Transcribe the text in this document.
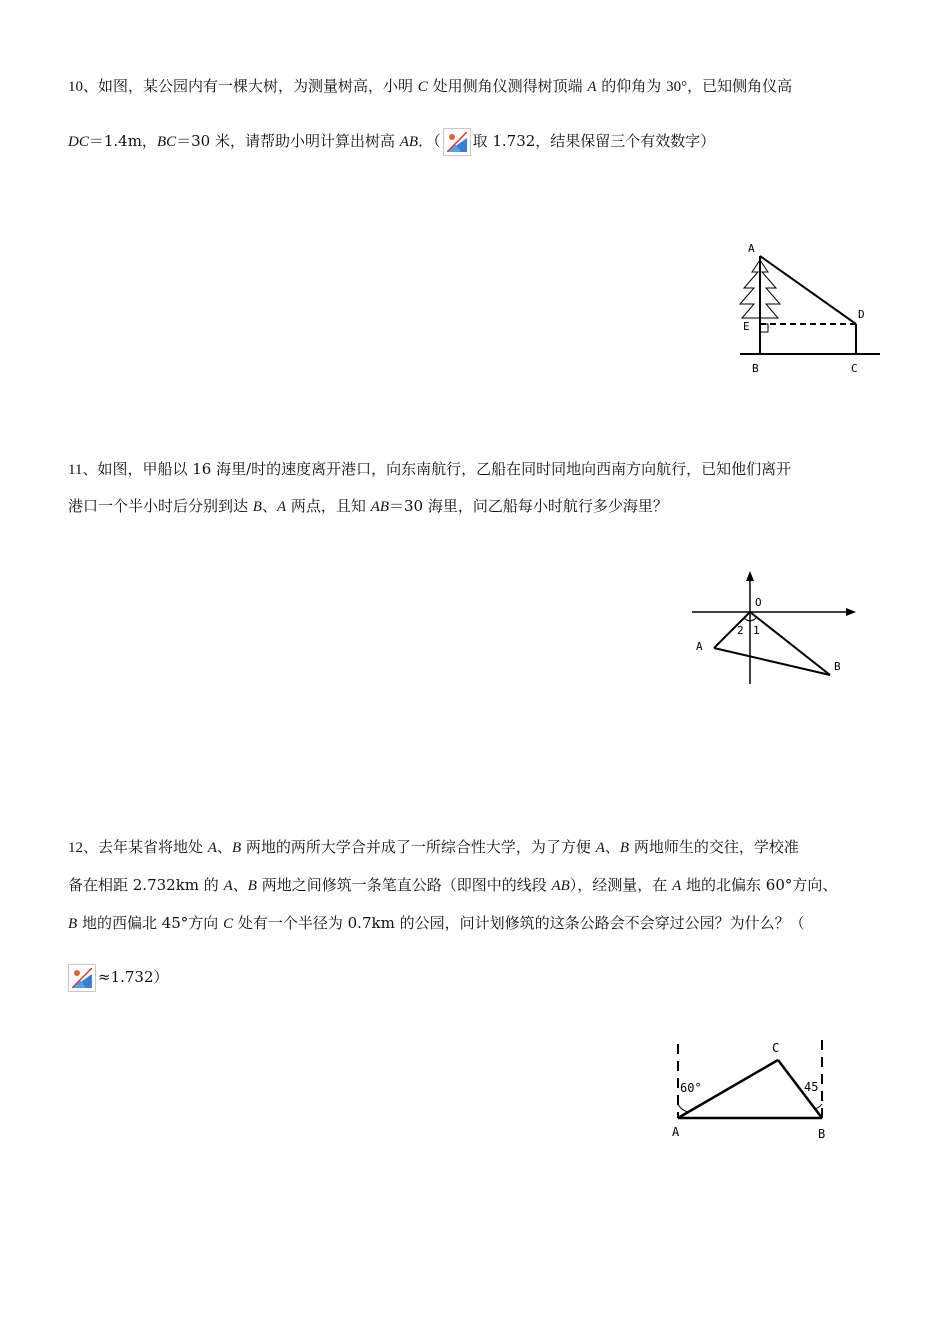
10、如图，某公园内有一棵大树，为测量树高，小明 C 处用侧角仪测得树顶端 A 的仰角为 30°，已知侧角仪高
DC＝1.4m，BC＝30 米，请帮助小明计算出树高 AB．（ 取 1.732，结果保留三个有效数字）
A
E
D
B	C
11、如图，甲船以 16 海里/时的速度离开港口，向东南航行，乙船在同时同地向西南方向航行，已知他们离开
港口一个半小时后分别到达 B、A 两点，且知 AB＝30 海里，问乙船每小时航行多少海里？
O
2 1
A
B
12、去年某省将地处 A、B 两地的两所大学合并成了一所综合性大学，为了方便 A、B 两地师生的交往，学校准
备在相距 2.732km 的 A、B 两地之间修筑一条笔直公路（即图中的线段 AB），经测量，在 A 地的北偏东 60°方向、
B 地的西偏北 45°方向 C 处有一个半径为 0.7km 的公园，问计划修筑的这条公路会不会穿过公园？为什么？（
≈1.732）
C
60°	45
A	B
